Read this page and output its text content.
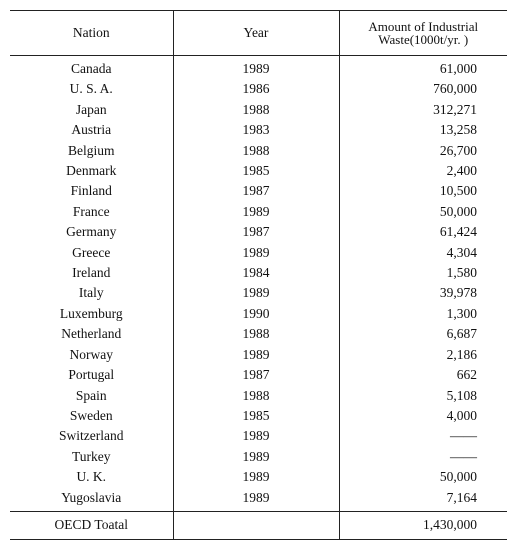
Nation	Year	Amount of Industrial
Waste(1000t/yr. )

Canada	1989	61,000
U. S. A.	1986	760,000
Japan	1988	312,271
Austria	1983	13,258
Belgium	1988	26,700
Denmark	1985	2,400
Finland	1987	10,500
France	1989	50,000
Germany	1987	61,424
Greece	1989	4,304
Ireland	1984	1,580
Italy	1989	39,978
Luxemburg	1990	1,300
Netherland	1988	6,687
Norway	1989	2,186
Portugal	1987	662
Spain	1988	5,108
Sweden	1985	4,000
Switzerland	1989	——
Turkey	1989	——
U. K.	1989	50,000
Yugoslavia	1989	7,164
OECD Toatal		1,430,000
